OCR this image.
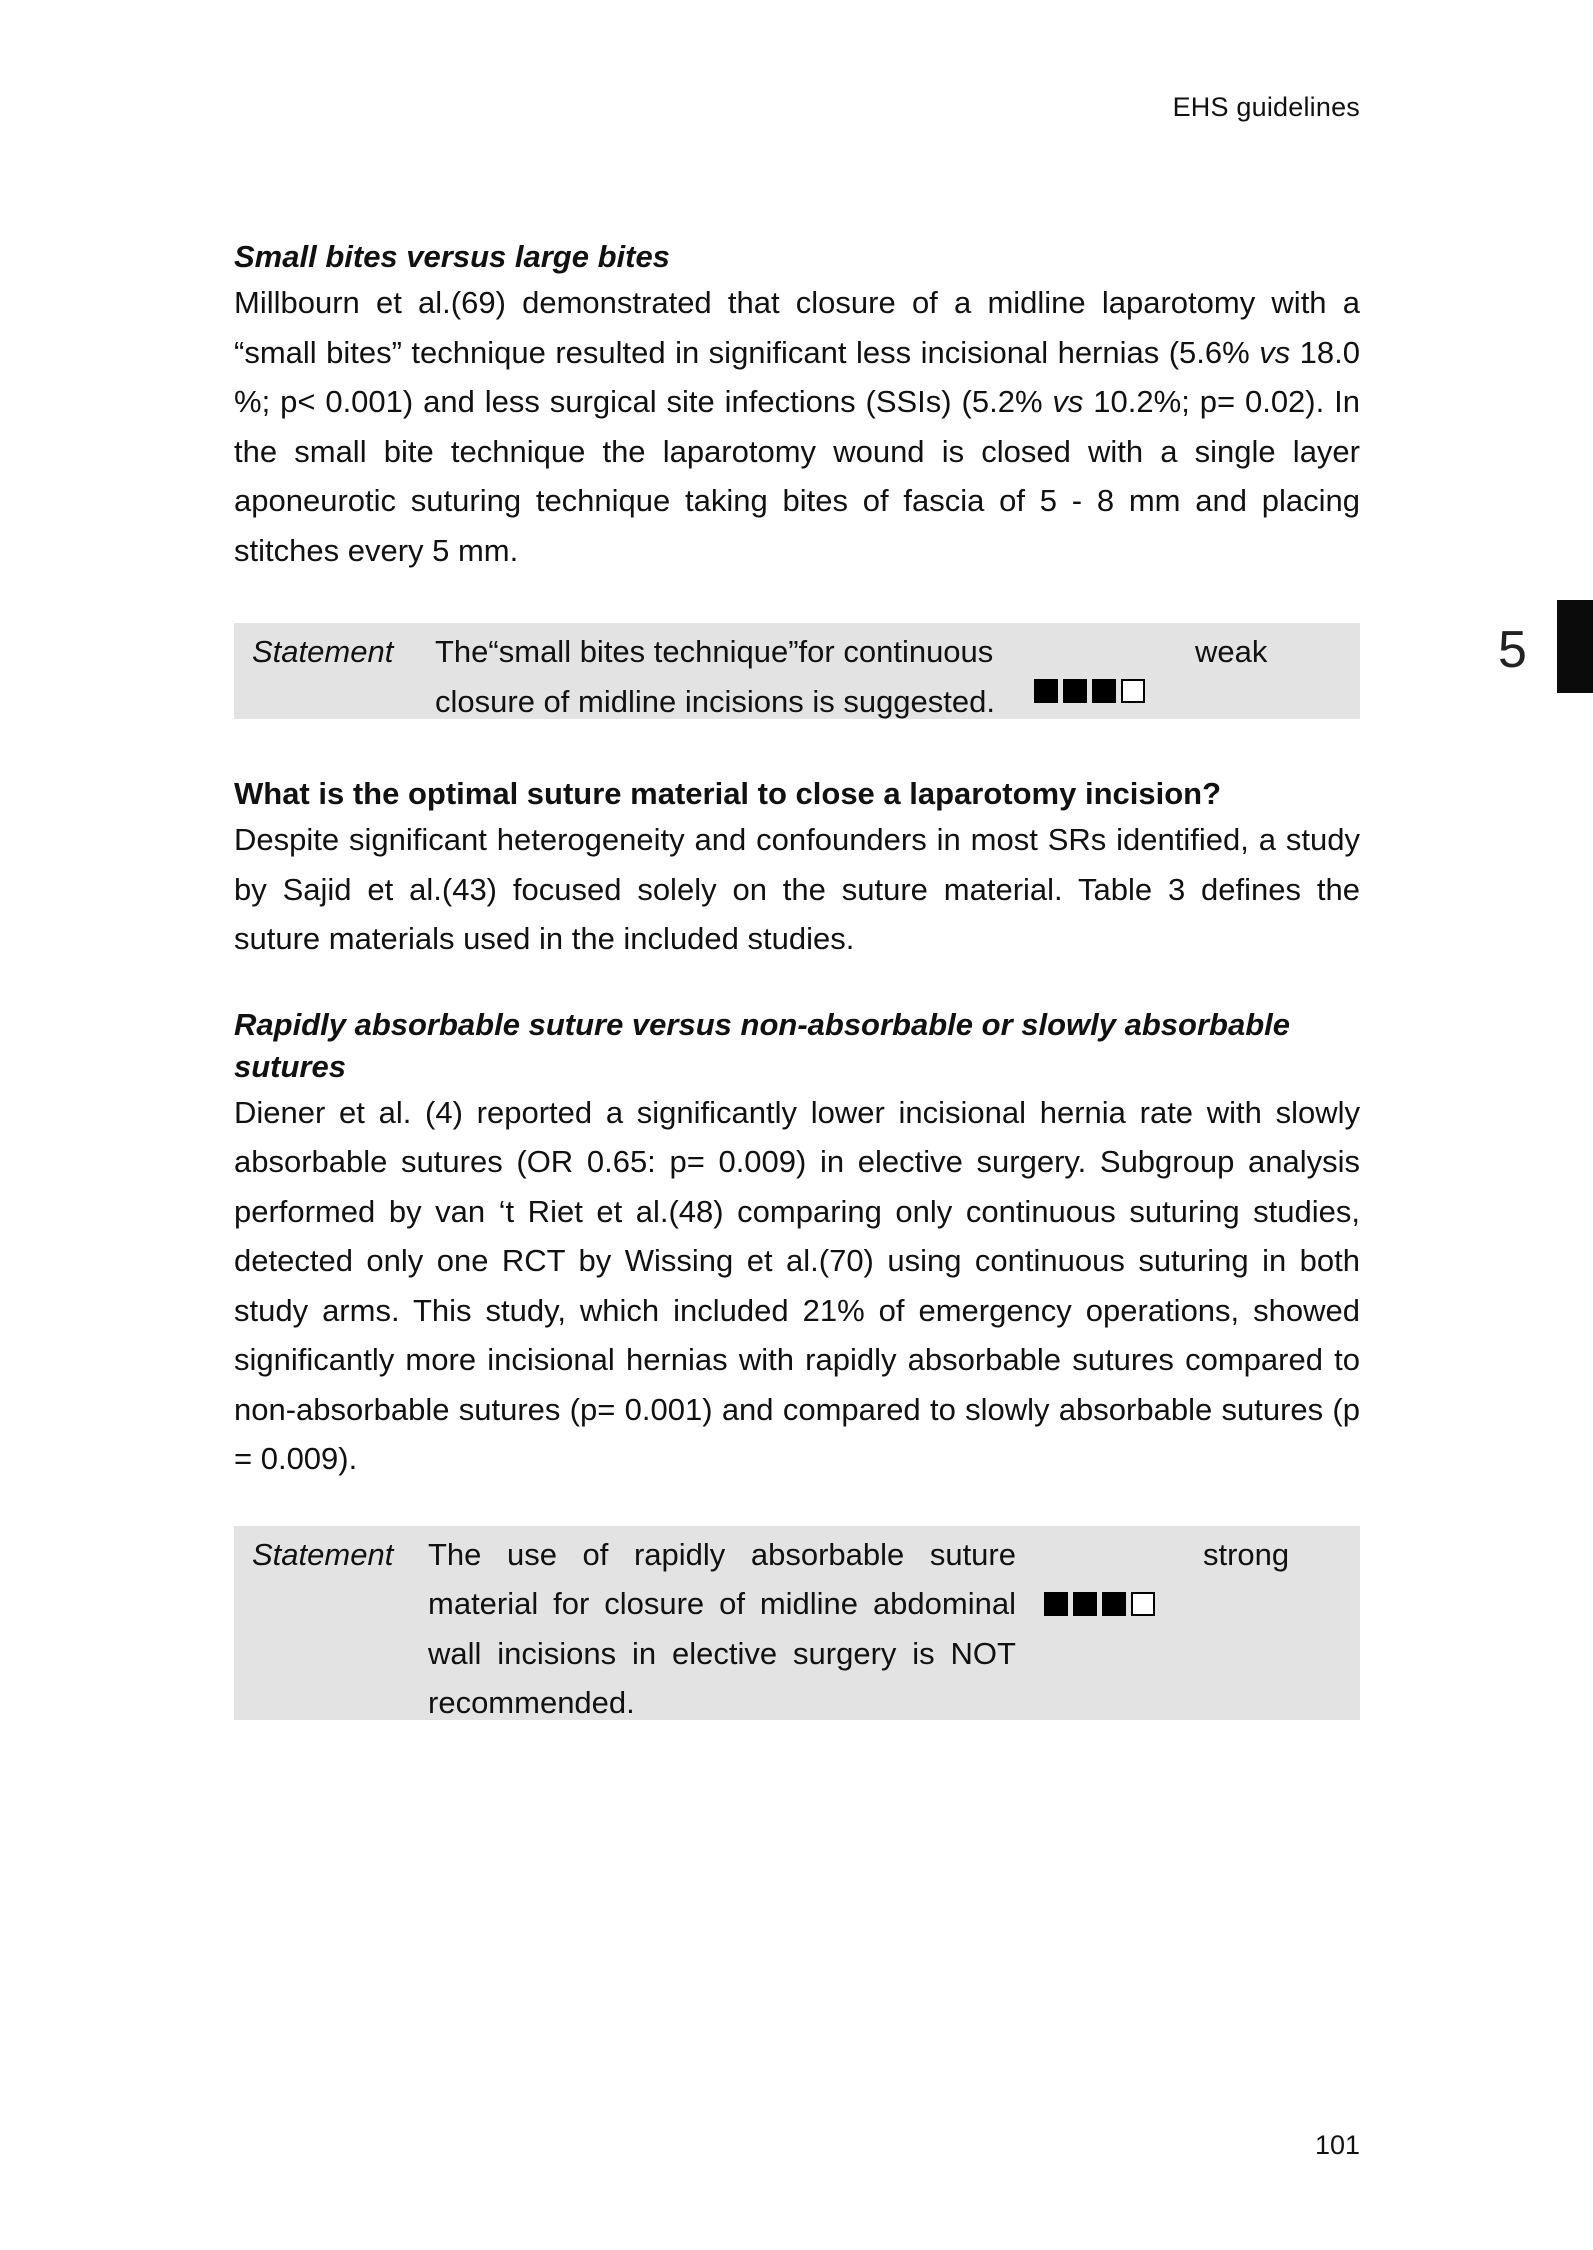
EHS guidelines
5
Small bites versus large bites

Millbourn et al.(69) demonstrated that closure of a midline laparotomy with a “small bites” technique resulted in significant less incisional hernias (5.6% vs 18.0 %; p< 0.001) and less surgical site infections (SSIs) (5.2% vs 10.2%; p= 0.02). In the small bite technique the laparotomy wound is closed with a single layer aponeurotic suturing technique taking bites of fascia of 5 - 8 mm and placing stitches every 5 mm.

Statement The“small bites technique”for continuous closure of midline incisions is suggested.
weak
What is the optimal suture material to close a laparotomy incision?

Despite significant heterogeneity and confounders in most SRs identified, a study by Sajid et al.(43) focused solely on the suture material. Table 3 defines the suture materials used in the included studies.

Rapidly absorbable suture versus non-absorbable or slowly absorbable sutures

Diener et al. (4) reported a significantly lower incisional hernia rate with slowly absorbable sutures (OR 0.65: p= 0.009) in elective surgery. Subgroup analysis performed by van ‘t Riet et al.(48) comparing only continuous suturing studies, detected only one RCT by Wissing et al.(70) using continuous suturing in both study arms. This study, which included 21% of emergency operations, showed significantly more incisional hernias with rapidly absorbable sutures compared to non-absorbable sutures (p= 0.001) and compared to slowly absorbable sutures (p = 0.009).

Statement The use of rapidly absorbable suture material for closure of midline abdominal wall incisions in elective surgery is NOT recommended.
strong
101
